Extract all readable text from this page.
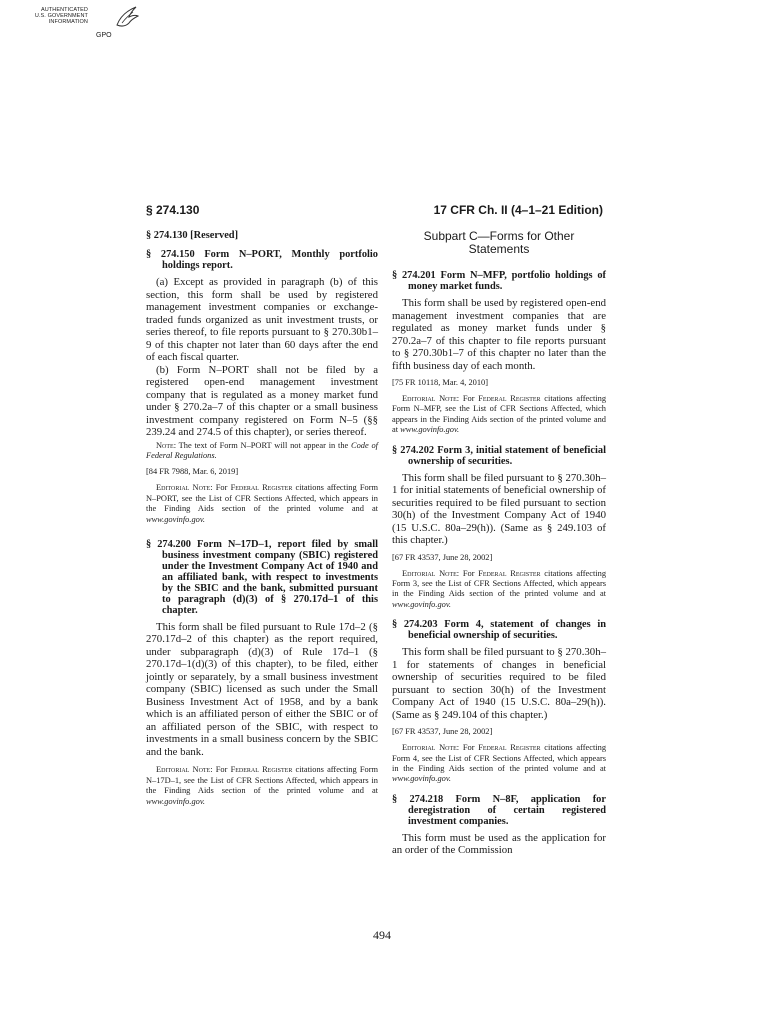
AUTHENTICATED
U.S. GOVERNMENT
INFORMATION
GPO
§ 274.130	17 CFR Ch. II (4–1–21 Edition)

§ 274.130 [Reserved]

§ 274.150 Form N–PORT, Monthly portfolio holdings report.

(a) Except as provided in paragraph (b) of this section, this form shall be used by registered management investment companies or exchange-traded funds organized as unit investment trusts, or series thereof, to file reports pursuant to § 270.30b1–9 of this chapter not later than 60 days after the end of each fiscal quarter.

(b) Form N–PORT shall not be filed by a registered open-end management investment company that is regulated as a money market fund under § 270.2a–7 of this chapter or a small business investment company registered on Form N–5 (§§ 239.24 and 274.5 of this chapter), or series thereof.

Note: The text of Form N–PORT will not appear in the Code of Federal Regulations.

[84 FR 7988, Mar. 6, 2019]

Editorial Note: For Federal Register citations affecting Form N–PORT, see the List of CFR Sections Affected, which appears in the Finding Aids section of the printed volume and at www.govinfo.gov.

§ 274.200 Form N–17D–1, report filed by small business investment company (SBIC) registered under the Investment Company Act of 1940 and an affiliated bank, with respect to investments by the SBIC and the bank, submitted pursuant to paragraph (d)(3) of § 270.17d–1 of this chapter.

This form shall be filed pursuant to Rule 17d–2 (§ 270.17d–2 of this chapter) as the report required, under subparagraph (d)(3) of Rule 17d–1 (§ 270.17d–1(d)(3) of this chapter), to be filed, either jointly or separately, by a small business investment company (SBIC) licensed as such under the Small Business Investment Act of 1958, and by a bank which is an affiliated person of either the SBIC or of an affiliated person of the SBIC, with respect to investments in a small business concern by the SBIC and the bank.

Editorial Note: For Federal Register citations affecting Form N–17D–1, see the List of CFR Sections Affected, which appears in the Finding Aids section of the printed volume and at www.govinfo.gov.

Subpart C—Forms for Other Statements

§ 274.201 Form N–MFP, portfolio holdings of money market funds.

This form shall be used by registered open-end management investment companies that are regulated as money market funds under § 270.2a–7 of this chapter to file reports pursuant to § 270.30b1–7 of this chapter no later than the fifth business day of each month.

[75 FR 10118, Mar. 4, 2010]

Editorial Note: For Federal Register citations affecting Form N–MFP, see the List of CFR Sections Affected, which appears in the Finding Aids section of the printed volume and at www.govinfo.gov.

§ 274.202 Form 3, initial statement of beneficial ownership of securities.

This form shall be filed pursuant to § 270.30h–1 for initial statements of beneficial ownership of securities required to be filed pursuant to section 30(h) of the Investment Company Act of 1940 (15 U.S.C. 80a–29(h)). (Same as § 249.103 of this chapter.)

[67 FR 43537, June 28, 2002]

Editorial Note: For Federal Register citations affecting Form 3, see the List of CFR Sections Affected, which appears in the Finding Aids section of the printed volume and at www.govinfo.gov.

§ 274.203 Form 4, statement of changes in beneficial ownership of securities.

This form shall be filed pursuant to § 270.30h–1 for statements of changes in beneficial ownership of securities required to be filed pursuant to section 30(h) of the Investment Company Act of 1940 (15 U.S.C. 80a–29(h)). (Same as § 249.104 of this chapter.)

[67 FR 43537, June 28, 2002]

Editorial Note: For Federal Register citations affecting Form 4, see the List of CFR Sections Affected, which appears in the Finding Aids section of the printed volume and at www.govinfo.gov.

§ 274.218 Form N–8F, application for deregistration of certain registered investment companies.

This form must be used as the application for an order of the Commission

494
